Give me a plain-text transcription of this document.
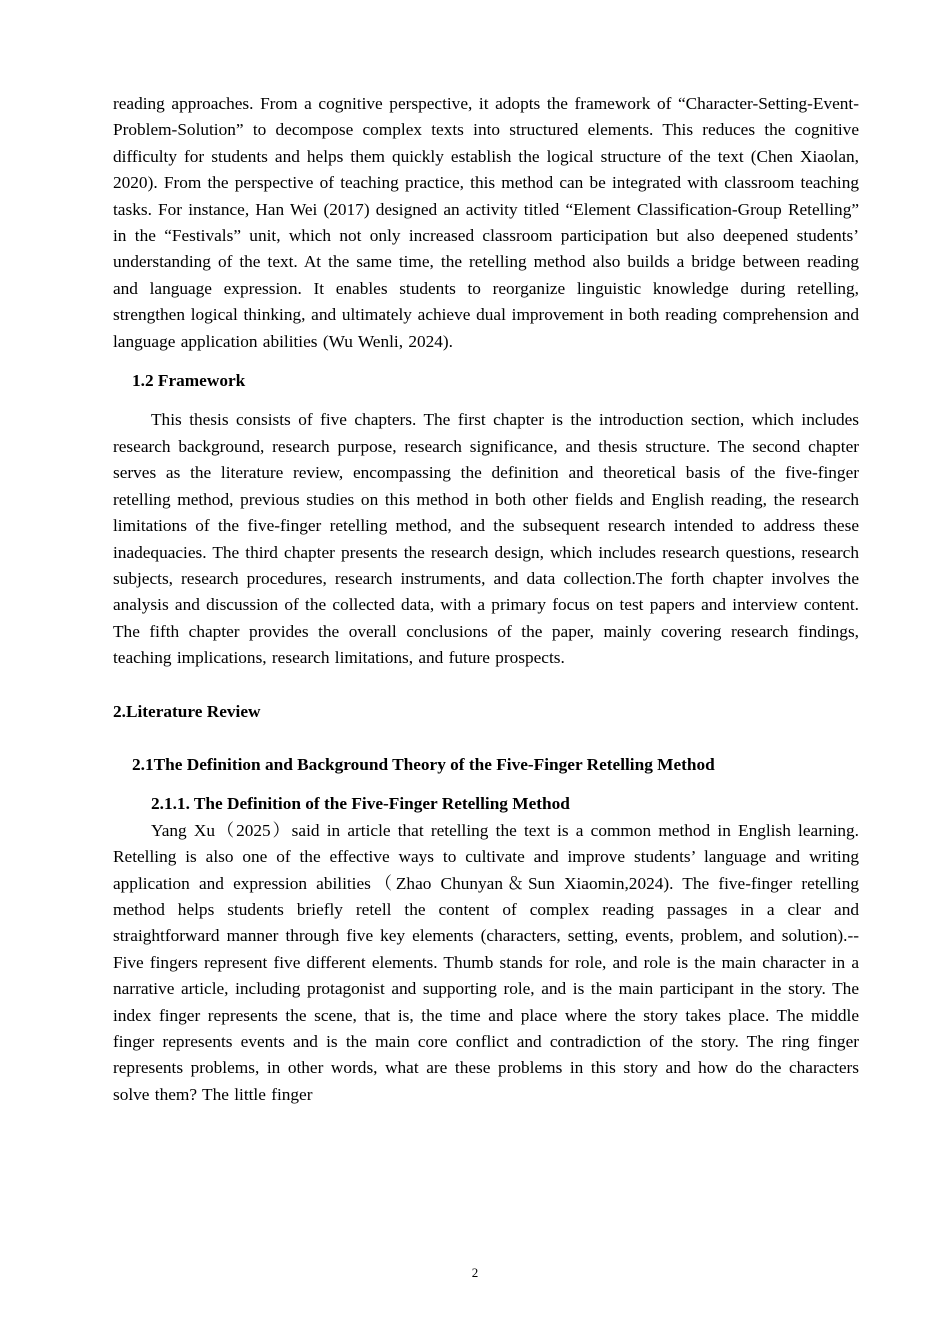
reading approaches. From a cognitive perspective, it adopts the framework of “Character-Setting-Event-Problem-Solution” to decompose complex texts into structured elements. This reduces the cognitive difficulty for students and helps them quickly establish the logical structure of the text (Chen Xiaolan, 2020). From the perspective of teaching practice, this method can be integrated with classroom teaching tasks. For instance, Han Wei (2017) designed an activity titled “Element Classification-Group Retelling” in the “Festivals” unit, which not only increased classroom participation but also deepened students’ understanding of the text. At the same time, the retelling method also builds a bridge between reading and language expression. It enables students to reorganize linguistic knowledge during retelling, strengthen logical thinking, and ultimately achieve dual improvement in both reading comprehension and language application abilities (Wu Wenli, 2024).

1.2 Framework

This thesis consists of five chapters. The first chapter is the introduction section, which includes research background, research purpose, research significance, and thesis structure. The second chapter serves as the literature review, encompassing the definition and theoretical basis of the five-finger retelling method, previous studies on this method in both other fields and English reading, the research limitations of the five-finger retelling method, and the subsequent research intended to address these inadequacies. The third chapter presents the research design, which includes research questions, research subjects, research procedures, research instruments, and data collection.The forth chapter involves the analysis and discussion of the collected data, with a primary focus on test papers and interview content. The fifth chapter provides the overall conclusions of the paper, mainly covering research findings, teaching implications, research limitations, and future prospects.

2.Literature Review
2.1The Definition and Background Theory of the Five-Finger Retelling Method
2.1.1. The Definition of the Five-Finger Retelling Method

Yang Xu（2025）said in article that retelling the text is a common method in English learning. Retelling is also one of the effective ways to cultivate and improve students’ language and writing application and expression abilities（Zhao Chunyan＆Sun Xiaomin,2024). The five-finger retelling method helps students briefly retell the content of complex reading passages in a clear and straightforward manner through five key elements (characters, setting, events, problem, and solution).--Five fingers represent five different elements. Thumb stands for role, and role is the main character in a narrative article, including protagonist and supporting role, and is the main participant in the story. The index finger represents the scene, that is, the time and place where the story takes place. The middle finger represents events and is the main core conflict and contradiction of the story. The ring finger represents problems, in other words, what are these problems in this story and how do the characters solve them? The little finger

2
